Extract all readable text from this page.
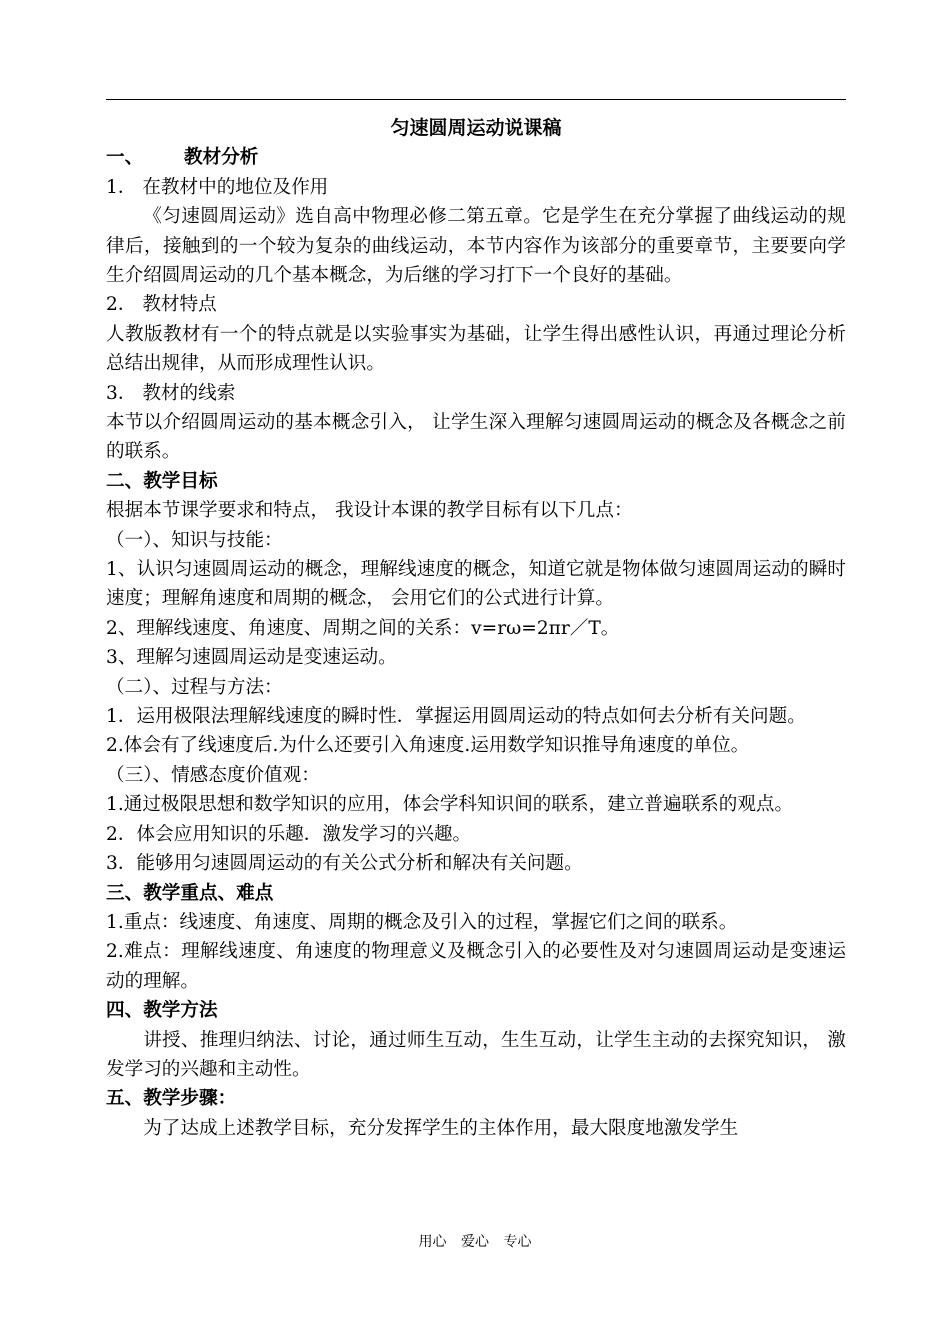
匀速圆周运动说课稿
一、 教材分析
1． 在教材中的地位及作用
《匀速圆周运动》选自高中物理必修二第五章。它是学生在充分掌握了曲线运动的规律后，接触到的一个较为复杂的曲线运动，本节内容作为该部分的重要章节，主要要向学生介绍圆周运动的几个基本概念，为后继的学习打下一个良好的基础。
2． 教材特点
人教版教材有一个的特点就是以实验事实为基础，让学生得出感性认识，再通过理论分析总结出规律，从而形成理性认识。
3． 教材的线索
本节以介绍圆周运动的基本概念引入， 让学生深入理解匀速圆周运动的概念及各概念之前的联系。
二、教学目标
根据本节课学要求和特点， 我设计本课的教学目标有以下几点：
（一）、知识与技能：
1、认识匀速圆周运动的概念，理解线速度的概念，知道它就是物体做匀速圆周运动的瞬时速度；理解角速度和周期的概念， 会用它们的公式进行计算。
2、理解线速度、角速度、周期之间的关系：v=rω=2πr／T。
3、理解匀速圆周运动是变速运动。
（二）、过程与方法：
1．运用极限法理解线速度的瞬时性．掌握运用圆周运动的特点如何去分析有关问题。
2.体会有了线速度后.为什么还要引入角速度.运用数学知识推导角速度的单位。
（三）、情感态度价值观：
1.通过极限思想和数学知识的应用，体会学科知识间的联系，建立普遍联系的观点。
2．体会应用知识的乐趣．激发学习的兴趣。
3．能够用匀速圆周运动的有关公式分析和解决有关问题。
三、教学重点、难点
1.重点：线速度、角速度、周期的概念及引入的过程，掌握它们之间的联系。
2.难点：理解线速度、角速度的物理意义及概念引入的必要性及对匀速圆周运动是变速运动的理解。
四、教学方法
讲授、推理归纳法、讨论，通过师生互动，生生互动，让学生主动的去探究知识， 激发学习的兴趣和主动性。
五、教学步骤：
为了达成上述教学目标，充分发挥学生的主体作用，最大限度地激发学生
用心 爱心 专心
